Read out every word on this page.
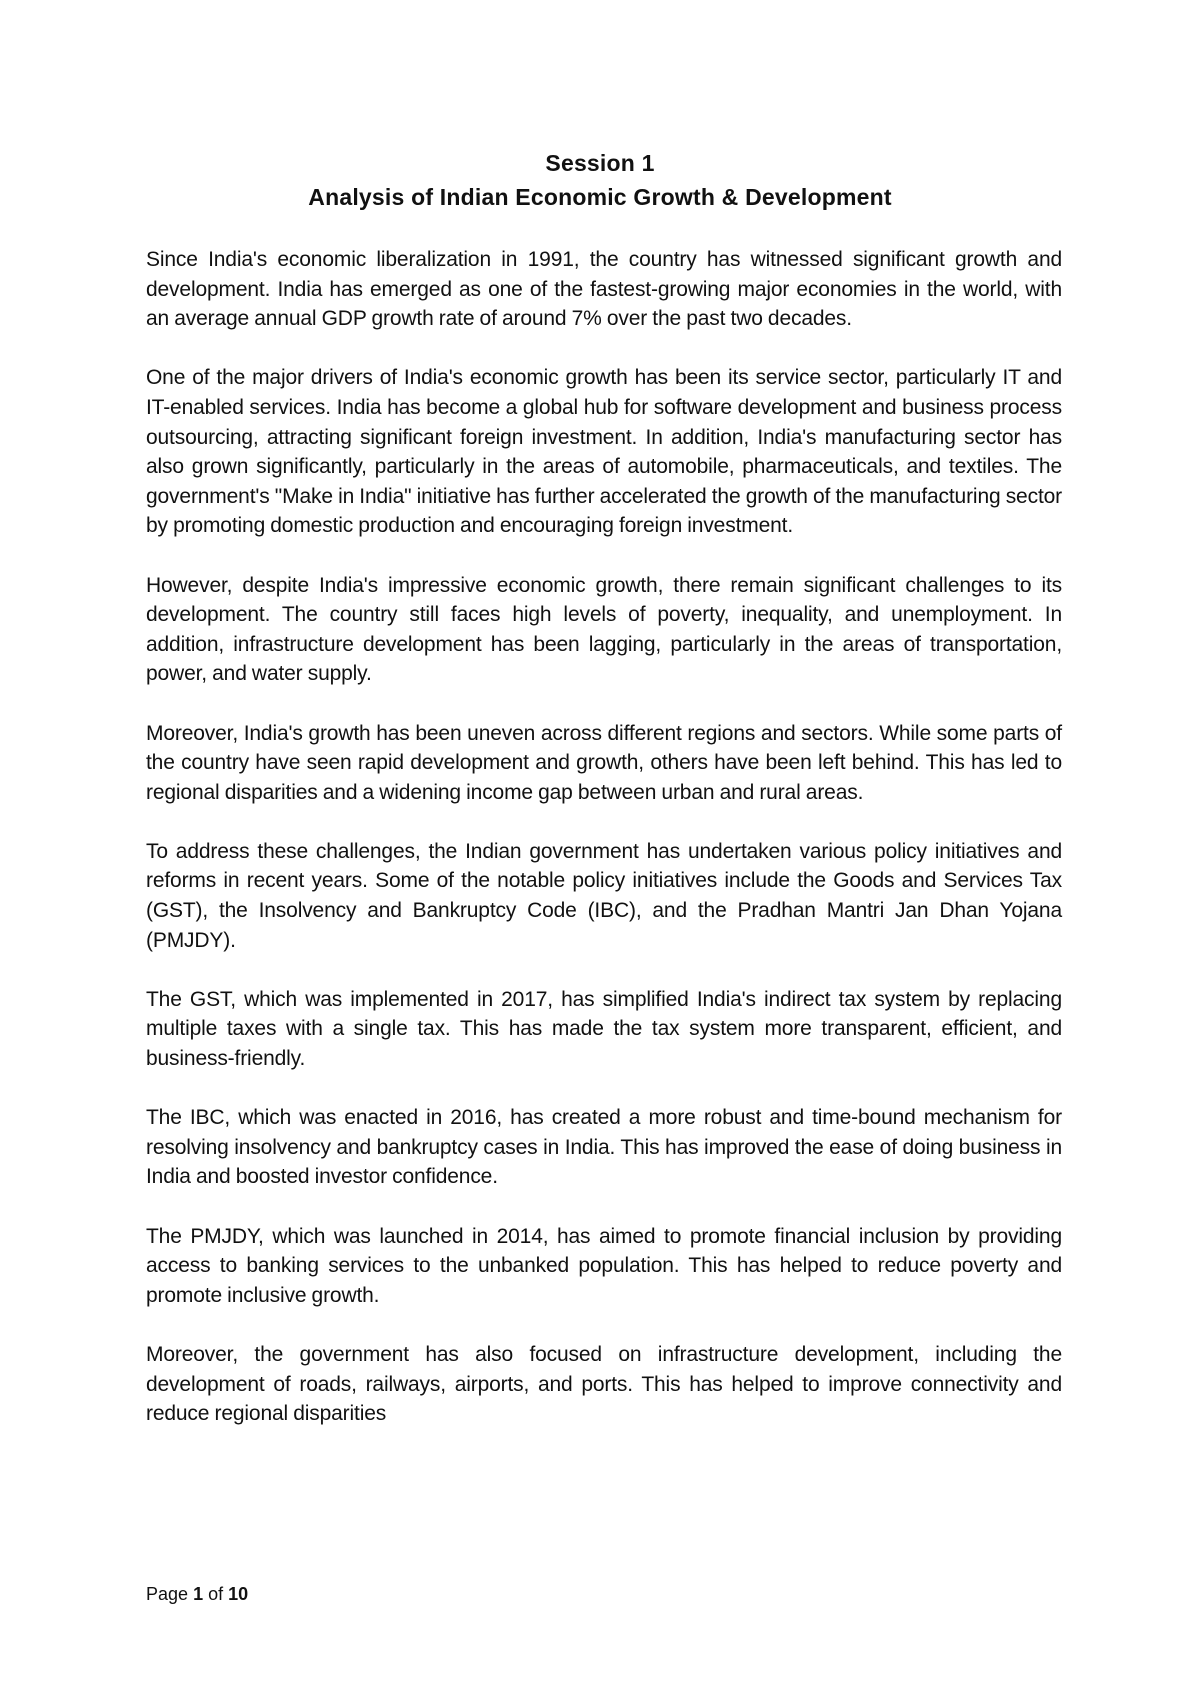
Session 1
Analysis of Indian Economic Growth & Development

Since India's economic liberalization in 1991, the country has witnessed significant growth and development. India has emerged as one of the fastest-growing major economies in the world, with an average annual GDP growth rate of around 7% over the past two decades.

One of the major drivers of India's economic growth has been its service sector, particularly IT and IT-enabled services. India has become a global hub for software development and business process outsourcing, attracting significant foreign investment. In addition, India's manufacturing sector has also grown significantly, particularly in the areas of automobile, pharmaceuticals, and textiles. The government's "Make in India" initiative has further accelerated the growth of the manufacturing sector by promoting domestic production and encouraging foreign investment.

However, despite India's impressive economic growth, there remain significant challenges to its development. The country still faces high levels of poverty, inequality, and unemployment. In addition, infrastructure development has been lagging, particularly in the areas of transportation, power, and water supply.

Moreover, India's growth has been uneven across different regions and sectors. While some parts of the country have seen rapid development and growth, others have been left behind. This has led to regional disparities and a widening income gap between urban and rural areas.

To address these challenges, the Indian government has undertaken various policy initiatives and reforms in recent years. Some of the notable policy initiatives include the Goods and Services Tax (GST), the Insolvency and Bankruptcy Code (IBC), and the Pradhan Mantri Jan Dhan Yojana (PMJDY).

The GST, which was implemented in 2017, has simplified India's indirect tax system by replacing multiple taxes with a single tax. This has made the tax system more transparent, efficient, and business-friendly.

The IBC, which was enacted in 2016, has created a more robust and time-bound mechanism for resolving insolvency and bankruptcy cases in India. This has improved the ease of doing business in India and boosted investor confidence.

The PMJDY, which was launched in 2014, has aimed to promote financial inclusion by providing access to banking services to the unbanked population. This has helped to reduce poverty and promote inclusive growth.

Moreover, the government has also focused on infrastructure development, including the development of roads, railways, airports, and ports. This has helped to improve connectivity and reduce regional disparities

Page 1 of 10
